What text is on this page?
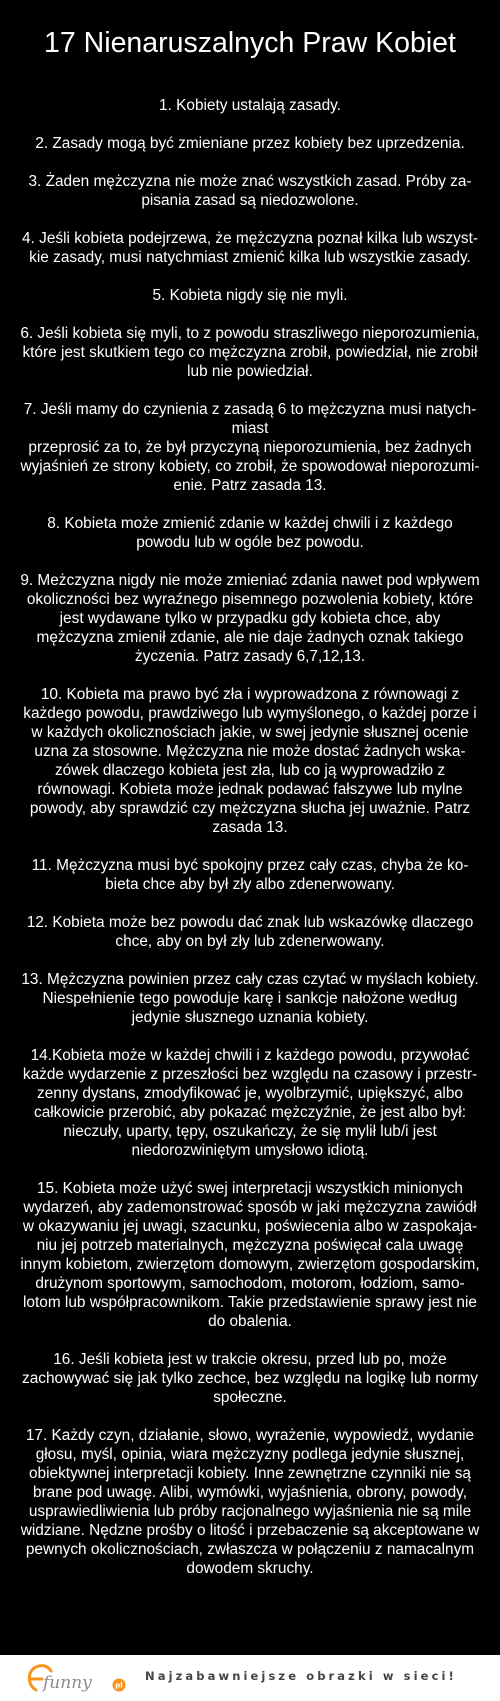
17 Nienaruszalnych Praw Kobiet
1. Kobiety ustalają zasady.
2. Zasady mogą być zmieniane przez kobiety bez uprzedzenia.
3. Żaden mężczyzna nie może znać wszystkich zasad. Próby za-
pisania zasad są niedozwolone.
4. Jeśli kobieta podejrzewa, że mężczyzna poznał kilka lub wszyst-
kie zasady, musi natychmiast zmienić kilka lub wszystkie zasady.
5. Kobieta nigdy się nie myli.
6. Jeśli kobieta się myli, to z powodu straszliwego nieporozumienia,
które jest skutkiem tego co mężczyzna zrobił, powiedział, nie zrobił
lub nie powiedział.
7. Jeśli mamy do czynienia z zasadą 6 to mężczyzna musi natych-
miast
przeprosić za to, że był przyczyną nieporozumienia, bez żadnych
wyjaśnień ze strony kobiety, co zrobił, że spowodował nieporozumi-
enie. Patrz zasada 13.
8. Kobieta może zmienić zdanie w każdej chwili i z każdego
powodu lub w ogóle bez powodu.
9. Meżczyzna nigdy nie może zmieniać zdania nawet pod wpływem
okoliczności bez wyraźnego pisemnego pozwolenia kobiety, które
jest wydawane tylko w przypadku gdy kobieta chce, aby
mężczyzna zmienił zdanie, ale nie daje żadnych oznak takiego
życzenia. Patrz zasady 6,7,12,13.
10. Kobieta ma prawo być zła i wyprowadzona z równowagi z
każdego powodu, prawdziwego lub wymyślonego, o każdej porze i
w każdych okolicznościach jakie, w swej jedynie słusznej ocenie
uzna za stosowne. Mężczyzna nie może dostać żadnych wska-
zówek dlaczego kobieta jest zła, lub co ją wyprowadziło z
równowagi. Kobieta może jednak podawać fałszywe lub mylne
powody, aby sprawdzić czy mężczyzna słucha jej uważnie. Patrz
zasada 13.
11. Mężczyzna musi być spokojny przez cały czas, chyba że ko-
bieta chce aby był zły albo zdenerwowany.
12. Kobieta może bez powodu dać znak lub wskazówkę dlaczego
chce, aby on był zły lub zdenerwowany.
13. Mężczyzna powinien przez cały czas czytać w myślach kobiety.
Niespełnienie tego powoduje karę i sankcje nałożone według
jedynie słusznego uznania kobiety.
14.Kobieta może w każdej chwili i z każdego powodu, przywołać
każde wydarzenie z przeszłości bez względu na czasowy i przestr-
zenny dystans, zmodyfikować je, wyolbrzymić, upiększyć, albo
całkowicie przerobić, aby pokazać mężczyźnie, że jest albo był:
nieczuły, uparty, tępy, oszukańczy, że się mylił lub/i jest
niedorozwiniętym umysłowo idiotą.
15. Kobieta może użyć swej interpretacji wszystkich minionych
wydarzeń, aby zademonstrować sposób w jaki mężczyzna zawiódł
w okazywaniu jej uwagi, szacunku, poświecenia albo w zaspokaja-
niu jej potrzeb materialnych, mężczyzna poświęcał cala uwagę
innym kobietom, zwierzętom domowym, zwierzętom gospodarskim,
drużynom sportowym, samochodom, motorom, łodziom, samo-
lotom lub współpracownikom. Takie przedstawienie sprawy jest nie
do obalenia.
16. Jeśli kobieta jest w trakcie okresu, przed lub po, może
zachowywać się jak tylko zechce, bez względu na logikę lub normy
społeczne.
17. Każdy czyn, działanie, słowo, wyrażenie, wypowiedź, wydanie
głosu, myśl, opinia, wiara mężczyzny podlega jedynie słusznej,
obiektywnej interpretacji kobiety. Inne zewnętrzne czynniki nie są
brane pod uwagę. Alibi, wymówki, wyjaśnienia, obrony, powody,
usprawiedliwienia lub próby racjonalnego wyjaśnienia nie są mile
widziane. Nędzne prośby o litość i przebaczenie są akceptowane w
pewnych okolicznościach, zwłaszcza w połączeniu z namacalnym
dowodem skruchy.
funny	pl
Najzabawniejsze obrazki w sieci!
